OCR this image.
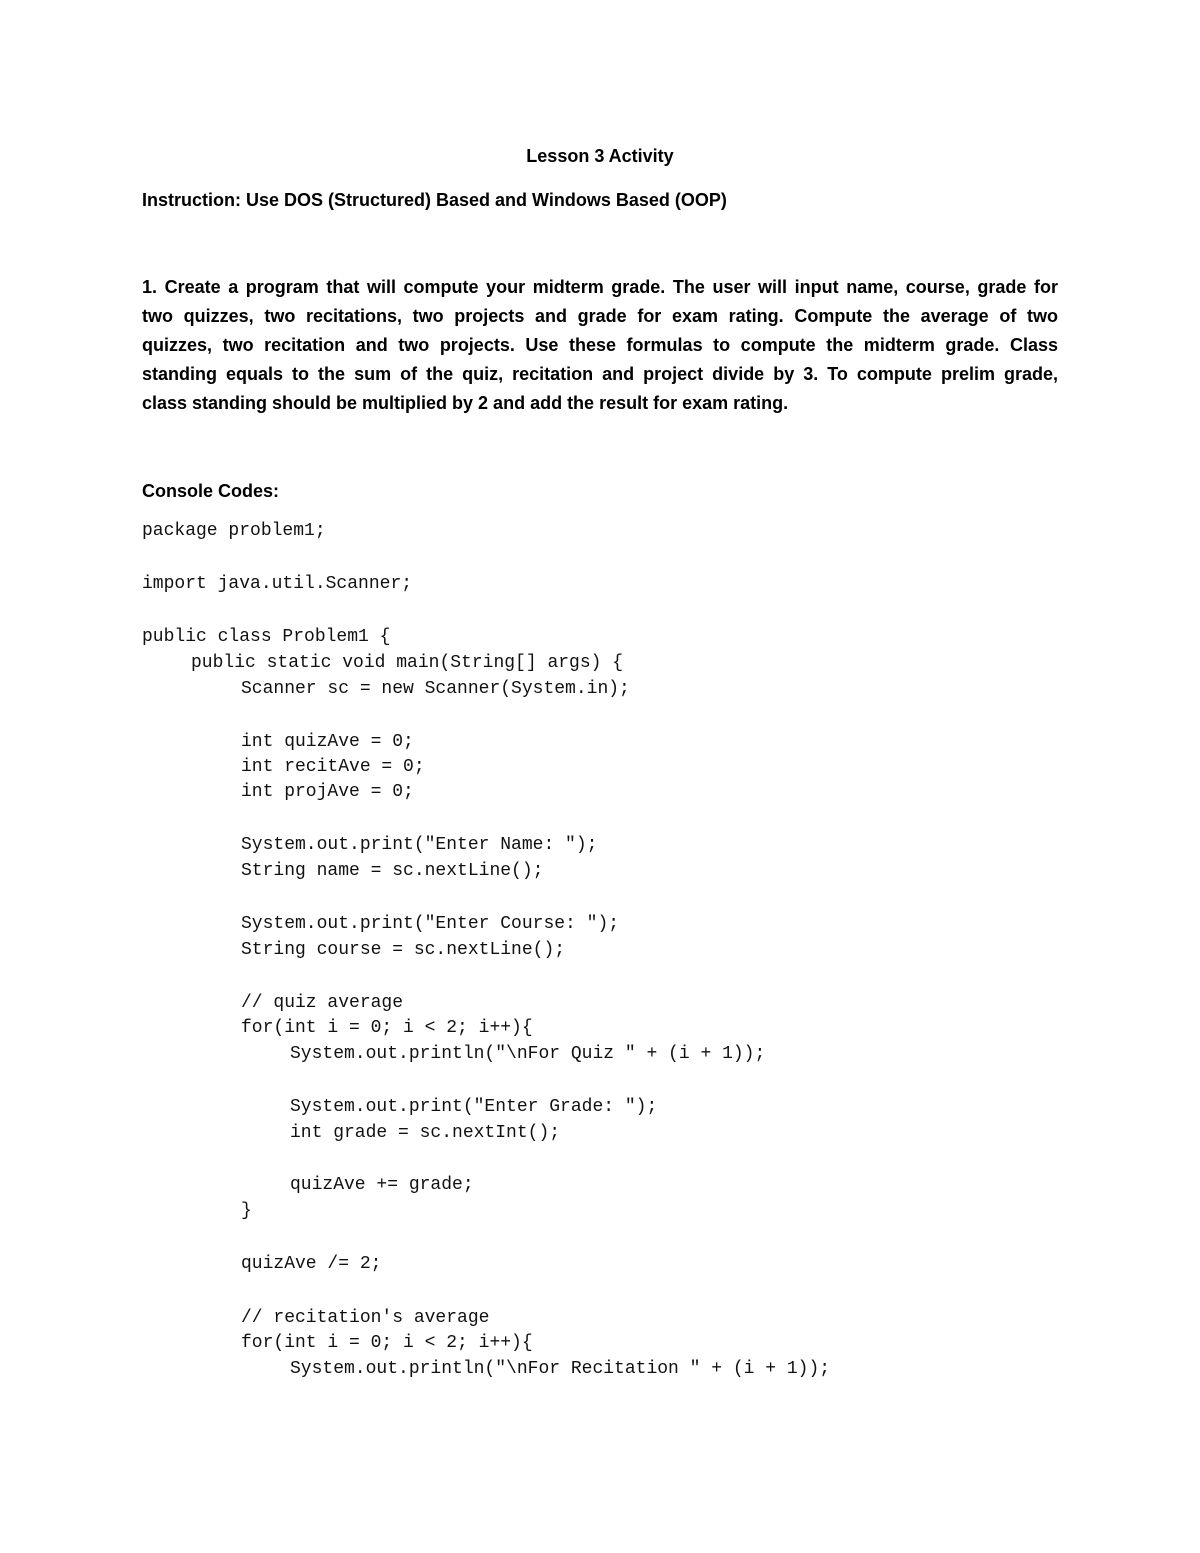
Lesson 3 Activity
Instruction: Use DOS (Structured) Based and Windows Based (OOP)
1. Create a program that will compute your midterm grade. The user will input name, course, grade for
two quizzes, two recitations, two projects and grade for exam rating. Compute the average of two
quizzes, two recitation and two projects. Use these formulas to compute the midterm grade. Class
standing equals to the sum of the quiz, recitation and project divide by 3. To compute prelim grade,
class standing should be multiplied by 2 and add the result for exam rating.
Console Codes:
package problem1;
import java.util.Scanner;
public class Problem1 {
public static void main(String[] args) {
Scanner sc = new Scanner(System.in);
int quizAve = 0;
int recitAve = 0;
int projAve = 0;
System.out.print("Enter Name: ");
String name = sc.nextLine();
System.out.print("Enter Course: ");
String course = sc.nextLine();
// quiz average
for(int i = 0; i < 2; i++){
System.out.println("\nFor Quiz " + (i + 1));
System.out.print("Enter Grade: ");
int grade = sc.nextInt();
quizAve += grade;
}
quizAve /= 2;
// recitation's average
for(int i = 0; i < 2; i++){
System.out.println("\nFor Recitation " + (i + 1));
